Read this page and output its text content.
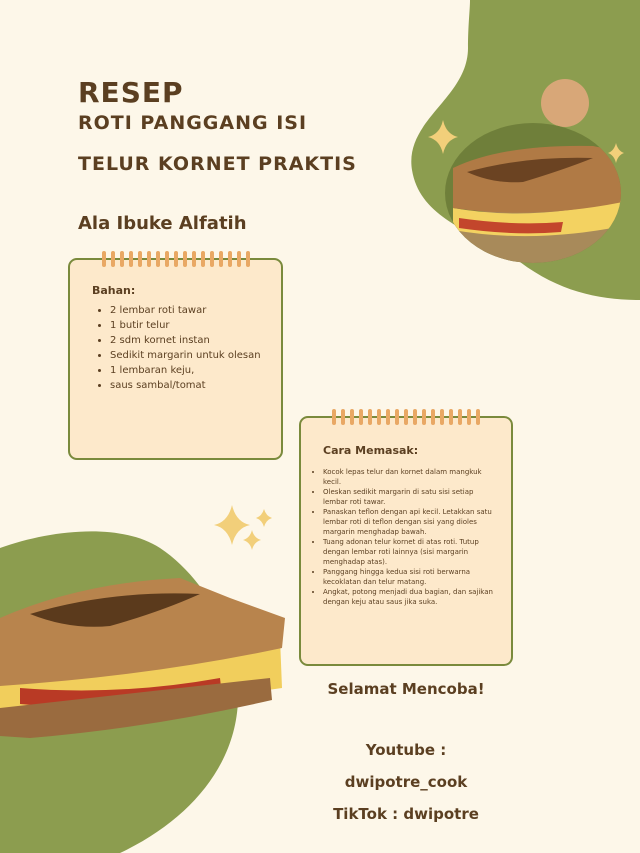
RESEP
ROTI PANGGANG ISI
TELUR KORNET PRAKTIS
Ala Ibuke Alfatih

Bahan:

• 2 lembar roti tawar
• 1 butir telur
• 2 sdm kornet instan
• Sedikit margarin untuk olesan
• 1 lembaran keju,
• saus sambal/tomat

Cara Memasak:

• Kocok lepas telur dan kornet dalam mangkuk kecil.
• Oleskan sedikit margarin di satu sisi setiap lembar roti tawar.
• Panaskan teflon dengan api kecil. Letakkan satu lembar roti di teflon dengan sisi yang dioles margarin menghadap bawah.
• Tuang adonan telur kornet di atas roti. Tutup dengan lembar roti lainnya (sisi margarin menghadap atas).
• Panggang hingga kedua sisi roti berwarna kecoklatan dan telur matang.
• Angkat, potong menjadi dua bagian, dan sajikan dengan keju atau saus jika suka.
Selamat Mencoba!
Youtube :
dwipotre_cook
TikTok : dwipotre
